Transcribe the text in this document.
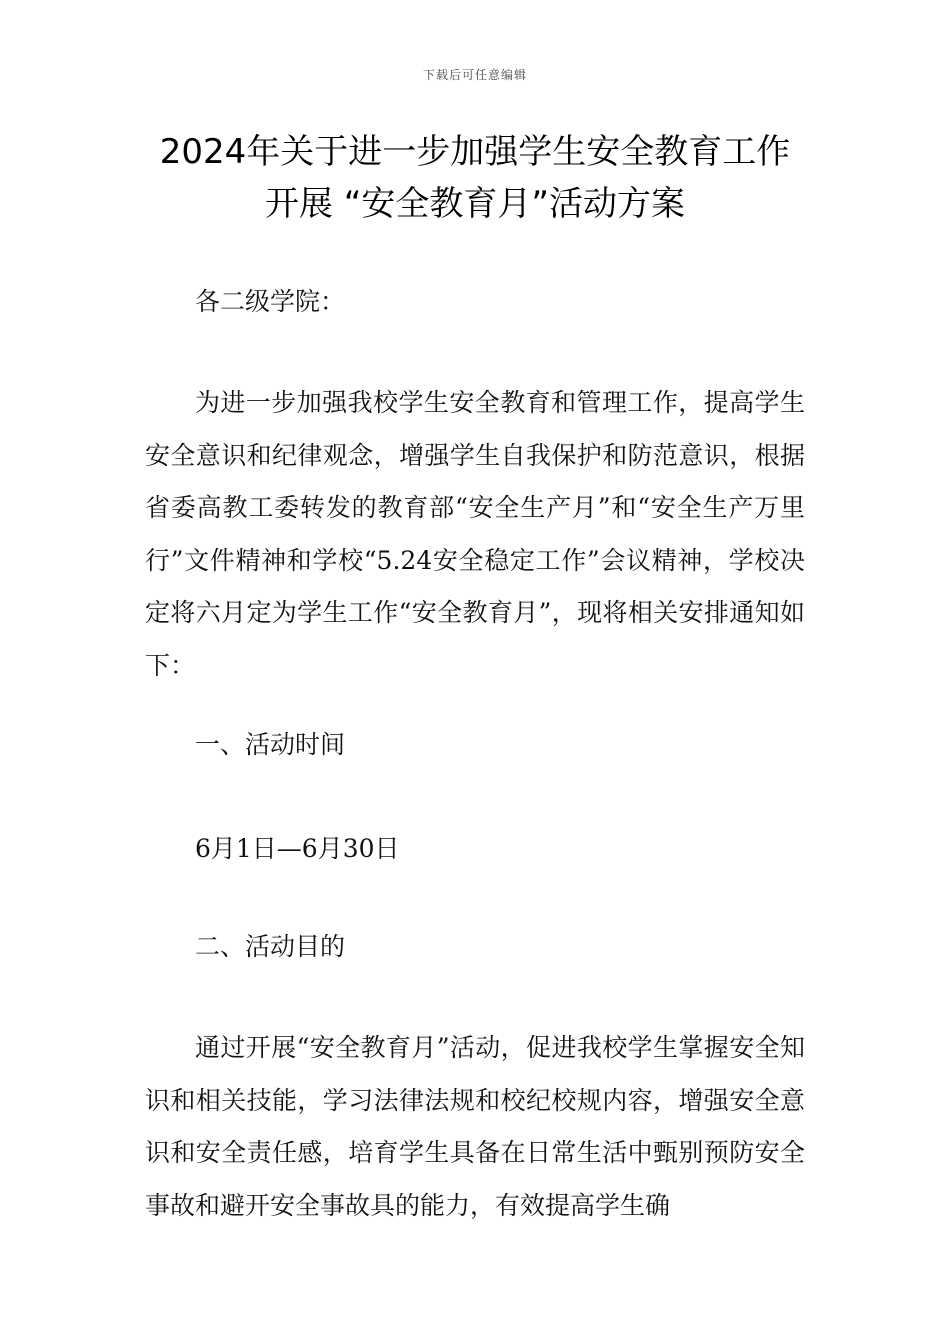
下载后可任意编辑
2024年关于进一步加强学生安全教育工作
开展 “安全教育月”活动方案

各二级学院：

为进一步加强我校学生安全教育和管理工作，提高学生安全意识和纪律观念，增强学生自我保护和防范意识，根据省委高教工委转发的教育部“安全生产月”和“安全生产万里行”文件精神和学校“5.24安全稳定工作”会议精神，学校决定将六月定为学生工作“安全教育月”，现将相关安排通知如下：

一、活动时间

6月1日—6月30日

二、活动目的

通过开展“安全教育月”活动，促进我校学生掌握安全知识和相关技能，学习法律法规和校纪校规内容，增强安全意识和安全责任感，培育学生具备在日常生活中甄别预防安全事故和避开安全事故具的能力，有效提高学生确
